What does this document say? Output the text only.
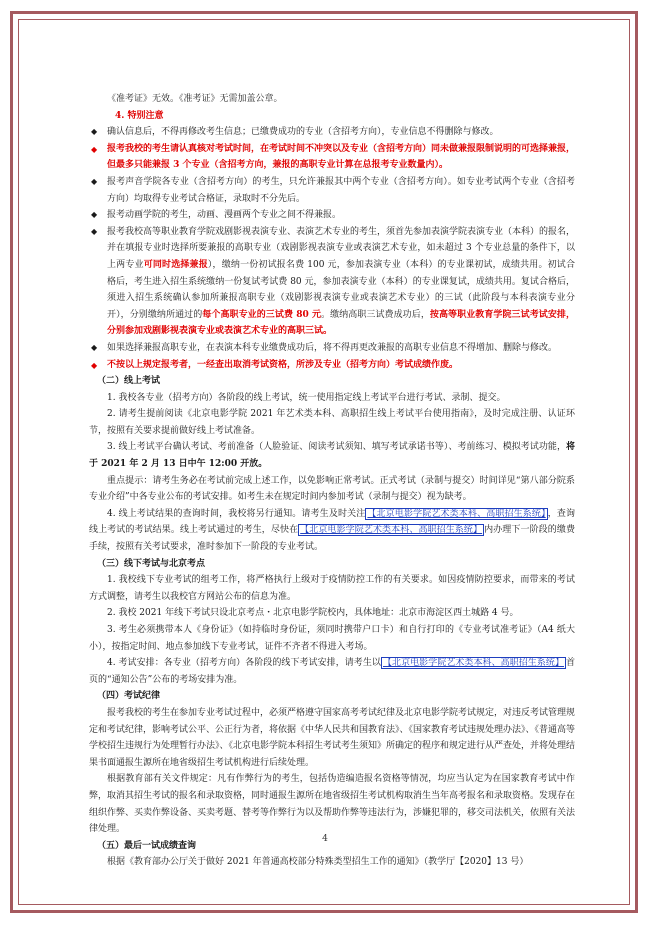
《准考证》无效。《准考证》无需加盖公章。

4. 特别注意

◆ 确认信息后，不得再修改考生信息；已缴费成功的专业（含招考方向），专业信息不得删除与修改。

◆ 报考我校的考生请认真核对考试时间，在考试时间不冲突以及专业（含招考方向）同未做兼报限制说明的可选择兼报，但最多只能兼报 3 个专业（含招考方向，兼报的高职专业计算在总报考专业数量内）。

◆ 报考声音学院各专业（含招考方向）的考生，只允许兼报其中两个专业（含招考方向）。如专业考试两个专业（含招考方向）均取得专业考试合格证，录取时不分先后。

◆ 报考动画学院的考生，动画、漫画两个专业之间不得兼报。

◆ 报考我校高等职业教育学院戏剧影视表演专业、表演艺术专业的考生，须首先参加表演学院表演专业（本科）的报名，并在填报专业时选择所要兼报的高职专业（戏剧影视表演专业或表演艺术专业，如未超过 3 个专业总量的条件下，以上两专业可同时选择兼报），缴纳一份初试报名费 100 元，参加表演专业（本科）的专业课初试，成绩共用。初试合格后，考生进入招生系统缴纳一份复试考试费 80 元，参加表演专业（本科）的专业课复试，成绩共用。复试合格后，须进入招生系统确认参加所兼报高职专业（戏剧影视表演专业或表演艺术专业）的三试（此阶段与本科表演专业分开），分别缴纳所通过的每个高职专业的三试费 80 元。缴纳高职三试费成功后，按高等职业教育学院三试考试安排，分别参加戏剧影视表演专业或表演艺术专业的高职三试。

◆ 如果选择兼报高职专业，在表演本科专业缴费成功后，将不得再更改兼报的高职专业信息不得增加、删除与修改。

◆ 不按以上规定报考者，一经查出取消考试资格，所涉及专业（招考方向）考试成绩作废。

（二）线上考试

1. 我校各专业（招考方向）各阶段的线上考试，统一使用指定线上考试平台进行考试、录制、提交。

2. 请考生提前阅读《北京电影学院 2021 年艺术类本科、高职招生线上考试平台使用指南》，及时完成注册、认证环节，按照有关要求提前做好线上考试准备。

3. 线上考试平台确认考试、考前准备（人脸验证、阅读考试须知、填写考试承诺书等）、考前练习、模拟考试功能，将于 2021 年 2 月 13 日中午 12:00 开放。

重点提示：请考生务必在考试前完成上述工作，以免影响正常考试。正式考试（录制与提交）时间详见“第八部分院系专业介绍”中各专业公布的考试安排。如考生未在规定时间内参加考试（录制与提交）视为缺考。

4. 线上考试结果的查询时间，我校将另行通知。请考生及时关注 【北京电影学院艺术类本科、高职招生系统】 ，查询线上考试的考试结果。线上考试通过的考生，尽快在 【北京电影学院艺术类本科、高职招生系统】 内办理下一阶段的缴费手续，按照有关考试要求，准时参加下一阶段的专业考试。

（三）线下考试与北京考点

1. 我校线下专业考试的组考工作，将严格执行上级对于疫情防控工作的有关要求。如因疫情防控要求，而带来的考试方式调整，请考生以我校官方网站公布的信息为准。

2. 我校 2021 年线下考试只设北京考点・北京电影学院校内，具体地址：北京市海淀区西土城路 4 号。

3. 考生必须携带本人《身份证》（如持临时身份证，须同时携带户口卡）和自行打印的《专业考试准考证》（A4 纸大小），按指定时间、地点参加线下专业考试，证件不齐者不得进入考场。

4. 考试安排：各专业（招考方向）各阶段的线下考试安排，请考生以 【北京电影学院艺术类本科、高职招生系统】 首页的“通知公告”公布的考场安排为准。

（四）考试纪律

报考我校的考生在参加专业考试过程中，必须严格遵守国家高考考试纪律及北京电影学院考试规定，对违反考试管理规定和考试纪律，影响考试公平、公正行为者，将依据《中华人民共和国教育法》、《国家教育考试违规处理办法》、《普通高等学校招生违规行为处理暂行办法》、《北京电影学院本科招生考试考生须知》所确定的程序和规定进行从严查处，并将处理结果书面通报生源所在地省级招生考试机构进行后续处理。

根据教育部有关文件规定：凡有作弊行为的考生，包括伪造编造报名资格等情况，均应当认定为在国家教育考试中作弊，取消其招生考试的报名和录取资格，同时通报生源所在地省级招生考试机构取消生当年高考报名和录取资格。发现存在组织作弊、买卖作弊设备、买卖考题、替考等作弊行为以及帮助作弊等违法行为，涉嫌犯罪的，移交司法机关，依照有关法律处理。

（五）最后一试成绩查询

根据《教育部办公厅关于做好 2021 年普通高校部分特殊类型招生工作的通知》（教学厅【2020】13 号）

4
